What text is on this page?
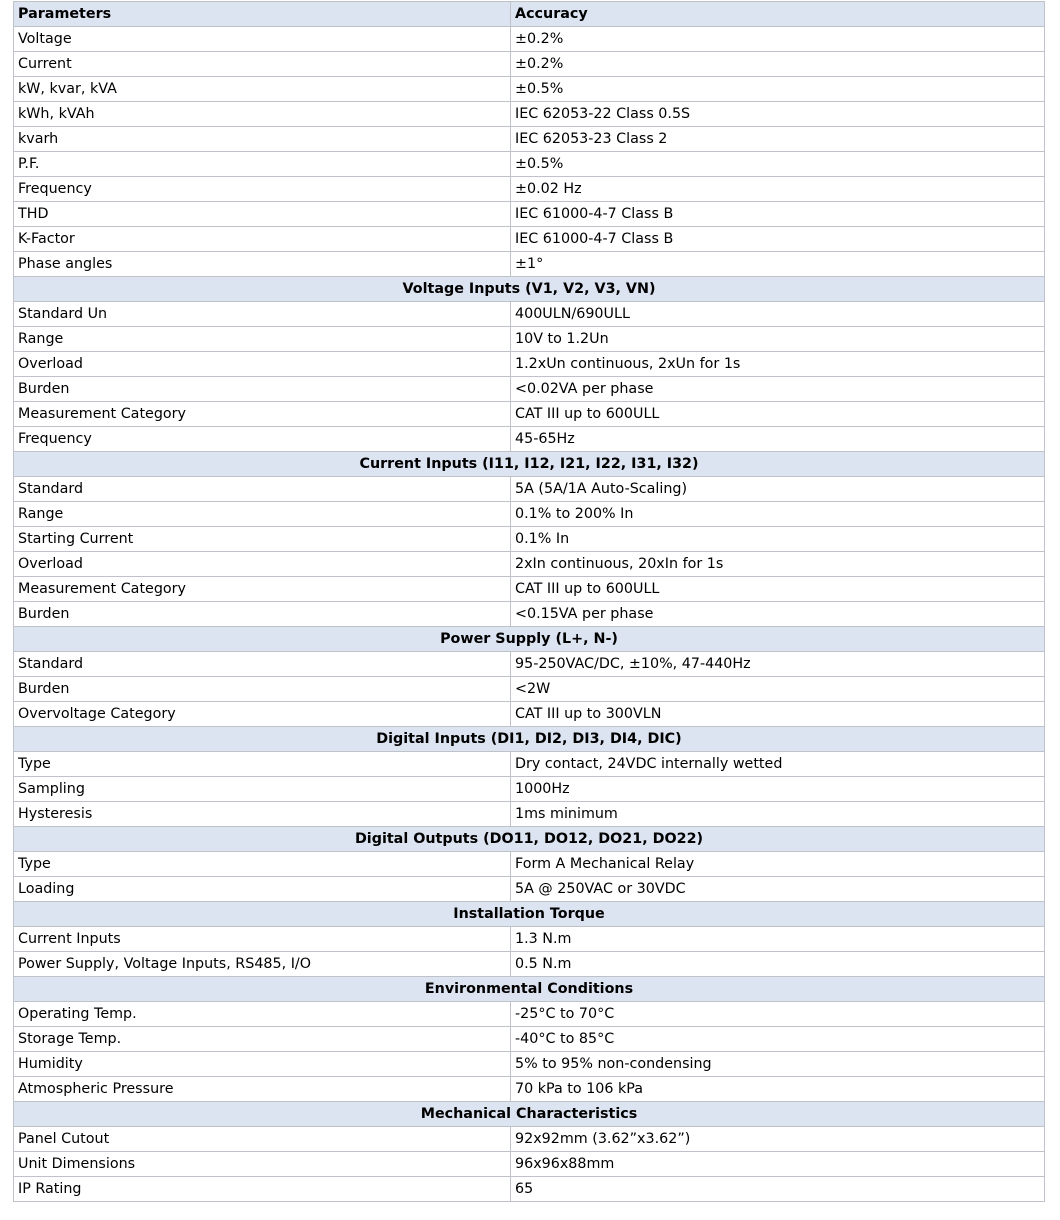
Parameters	Accuracy
Voltage	±0.2%
Current	±0.2%
kW, kvar, kVA	±0.5%
kWh, kVAh	IEC 62053-22 Class 0.5S
kvarh	IEC 62053-23 Class 2
P.F.	±0.5%
Frequency	±0.02 Hz
THD	IEC 61000-4-7 Class B
K-Factor	IEC 61000-4-7 Class B
Phase angles	±1°
Voltage Inputs (V1, V2, V3, VN)	
Standard Un	400ULN/690ULL
Range	10V to 1.2Un
Overload	1.2xUn continuous, 2xUn for 1s
Burden	<0.02VA per phase
Measurement Category	CAT III up to 600ULL
Frequency	45-65Hz
Current Inputs (I11, I12, I21, I22, I31, I32)	
Standard	5A (5A/1A Auto-Scaling)
Range	0.1% to 200% In
Starting Current	0.1% In
Overload	2xIn continuous, 20xIn for 1s
Measurement Category	CAT III up to 600ULL
Burden	<0.15VA per phase
Power Supply (L+, N-)	
Standard	95-250VAC/DC, ±10%, 47-440Hz
Burden	<2W
Overvoltage Category	CAT III up to 300VLN
Digital Inputs (DI1, DI2, DI3, DI4, DIC)	
Type	Dry contact, 24VDC internally wetted
Sampling	1000Hz
Hysteresis	1ms minimum
Digital Outputs (DO11, DO12, DO21, DO22)	
Type	Form A Mechanical Relay
Loading	5A @ 250VAC or 30VDC
Installation Torque	
Current Inputs	1.3 N.m
Power Supply, Voltage Inputs, RS485, I/O	0.5 N.m
Environmental Conditions	
Operating Temp.	-25°C to 70°C
Storage Temp.	-40°C to 85°C
Humidity	5% to 95% non-condensing
Atmospheric Pressure	70 kPa to 106 kPa
Mechanical Characteristics	
Panel Cutout	92x92mm (3.62”x3.62”)
Unit Dimensions	96x96x88mm
IP Rating	65
